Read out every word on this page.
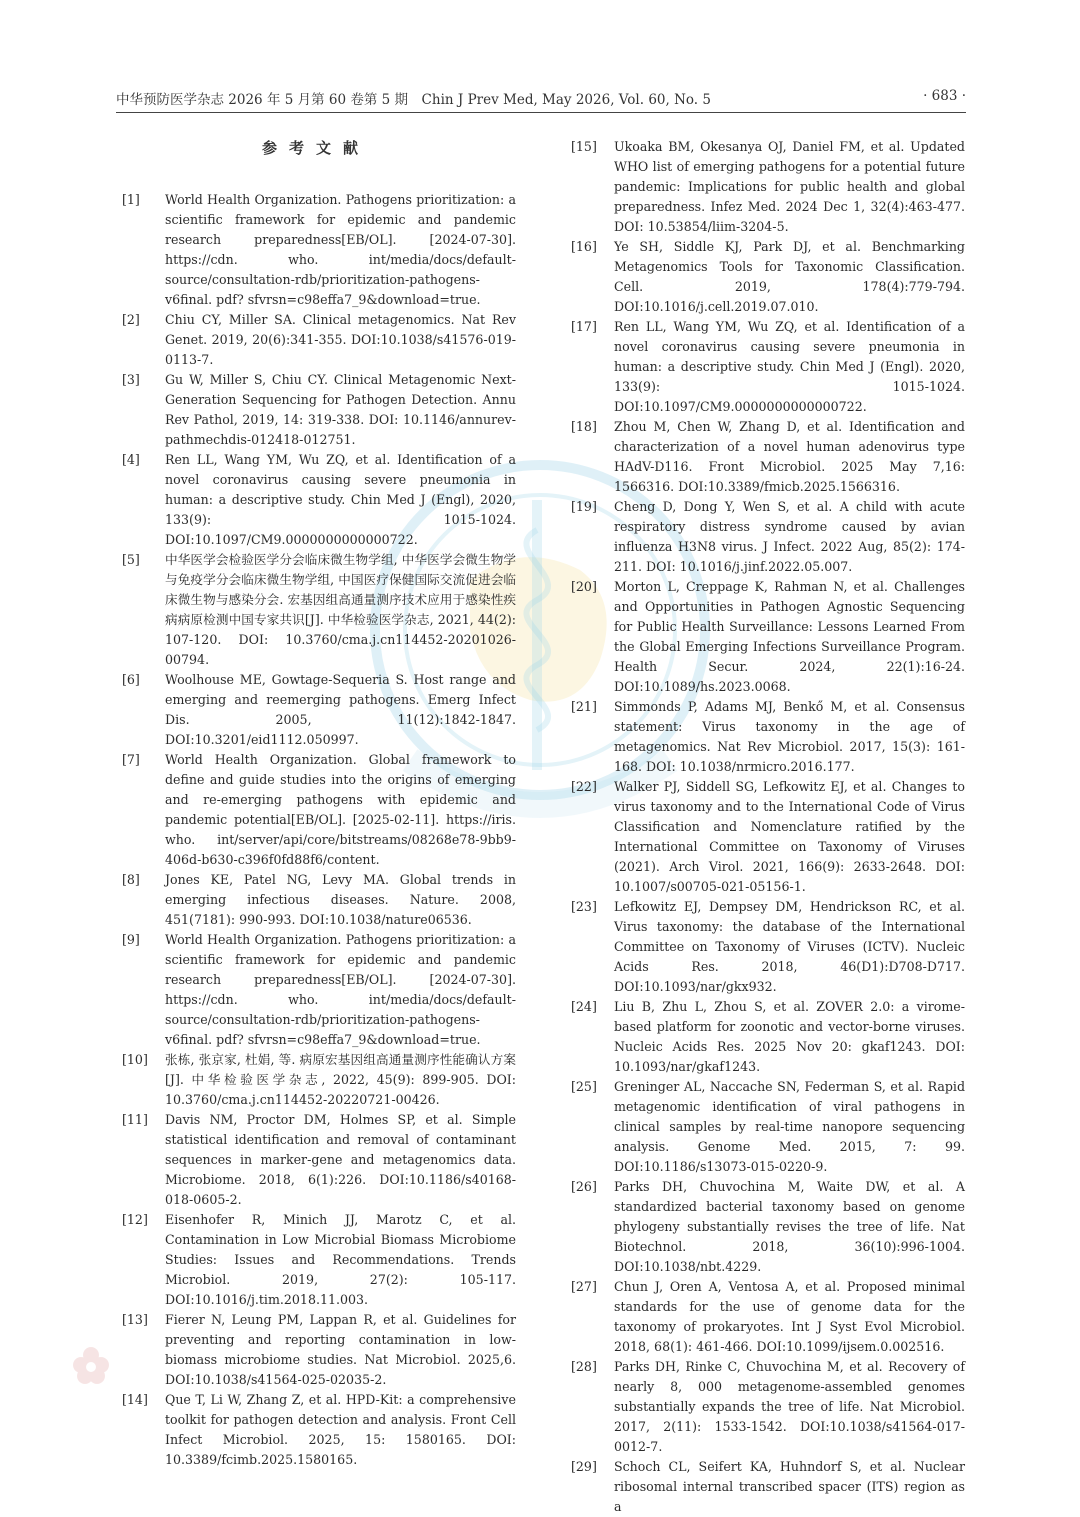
中华预防医学杂志 2026 年 5 月第 60 卷第 5 期　Chin J Prev Med, May 2026, Vol. 60, No. 5	· 683 ·
参考文献
[1] World Health Organization. Pathogens prioritization: a scientific framework for epidemic and pandemic research preparedness[EB/OL]. [2024-07-30]. https://cdn. who. int/media/docs/default-source/consultation-rdb/prioritization-pathogens-v6final. pdf? sfvrsn=c98effa7_9&download=true.
[2] Chiu CY, Miller SA. Clinical metagenomics. Nat Rev Genet. 2019, 20(6):341-355. DOI:10.1038/s41576-019-0113-7.
[3] Gu W, Miller S, Chiu CY. Clinical Metagenomic Next-Generation Sequencing for Pathogen Detection. Annu Rev Pathol, 2019, 14: 319-338. DOI: 10.1146/annurev-pathmechdis-012418-012751.
[4] Ren LL, Wang YM, Wu ZQ, et al. Identification of a novel coronavirus causing severe pneumonia in human: a descriptive study. Chin Med J (Engl), 2020, 133(9): 1015-1024. DOI:10.1097/CM9.0000000000000722.
[5] 中华医学会检验医学分会临床微生物学组, 中华医学会微生物学与免疫学分会临床微生物学组, 中国医疗保健国际交流促进会临床微生物与感染分会. 宏基因组高通量测序技术应用于感染性疾病病原检测中国专家共识[J]. 中华检验医学杂志, 2021, 44(2): 107-120. DOI: 10.3760/cma.j.cn114452-20201026-00794.
[6] Woolhouse ME, Gowtage-Sequeria S. Host range and emerging and reemerging pathogens. Emerg Infect Dis. 2005, 11(12):1842-1847. DOI:10.3201/eid1112.050997.
[7] World Health Organization. Global framework to define and guide studies into the origins of emerging and re-emerging pathogens with epidemic and pandemic potential[EB/OL]. [2025-02-11]. https://iris. who. int/server/api/core/bitstreams/08268e78-9bb9-406d-b630-c396f0fd88f6/content.
[8] Jones KE, Patel NG, Levy MA. Global trends in emerging infectious diseases. Nature. 2008, 451(7181): 990-993. DOI:10.1038/nature06536.
[9] World Health Organization. Pathogens prioritization: a scientific framework for epidemic and pandemic research preparedness[EB/OL]. [2024-07-30]. https://cdn. who. int/media/docs/default-source/consultation-rdb/prioritization-pathogens-v6final. pdf? sfvrsn=c98effa7_9&download=true.
[10] 张栋, 张京家, 杜娟, 等. 病原宏基因组高通量测序性能确认方案 [J]. 中华检验医学杂志, 2022, 45(9): 899-905. DOI: 10.3760/cma.j.cn114452-20220721-00426.
[11] Davis NM, Proctor DM, Holmes SP, et al. Simple statistical identification and removal of contaminant sequences in marker-gene and metagenomics data. Microbiome. 2018, 6(1):226. DOI:10.1186/s40168-018-0605-2.
[12] Eisenhofer R, Minich JJ, Marotz C, et al. Contamination in Low Microbial Biomass Microbiome Studies: Issues and Recommendations. Trends Microbiol. 2019, 27(2): 105-117. DOI:10.1016/j.tim.2018.11.003.
[13] Fierer N, Leung PM, Lappan R, et al. Guidelines for preventing and reporting contamination in low-biomass microbiome studies. Nat Microbiol. 2025,6. DOI:10.1038/s41564-025-02035-2.
[14] Que T, Li W, Zhang Z, et al. HPD-Kit: a comprehensive toolkit for pathogen detection and analysis. Front Cell Infect Microbiol. 2025, 15: 1580165. DOI: 10.3389/fcimb.2025.1580165.
[15] Ukoaka BM, Okesanya OJ, Daniel FM, et al. Updated WHO list of emerging pathogens for a potential future pandemic: Implications for public health and global preparedness. Infez Med. 2024 Dec 1, 32(4):463-477. DOI: 10.53854/liim-3204-5.
[16] Ye SH, Siddle KJ, Park DJ, et al. Benchmarking Metagenomics Tools for Taxonomic Classification. Cell. 2019, 178(4):779-794. DOI:10.1016/j.cell.2019.07.010.
[17] Ren LL, Wang YM, Wu ZQ, et al. Identification of a novel coronavirus causing severe pneumonia in human: a descriptive study. Chin Med J (Engl). 2020, 133(9): 1015-1024. DOI:10.1097/CM9.0000000000000722.
[18] Zhou M, Chen W, Zhang D, et al. Identification and characterization of a novel human adenovirus type HAdV-D116. Front Microbiol. 2025 May 7,16: 1566316. DOI:10.3389/fmicb.2025.1566316.
[19] Cheng D, Dong Y, Wen S, et al. A child with acute respiratory distress syndrome caused by avian influenza H3N8 virus. J Infect. 2022 Aug, 85(2): 174-211. DOI: 10.1016/j.jinf.2022.05.007.
[20] Morton L, Creppage K, Rahman N, et al. Challenges and Opportunities in Pathogen Agnostic Sequencing for Public Health Surveillance: Lessons Learned From the Global Emerging Infections Surveillance Program. Health Secur. 2024, 22(1):16-24. DOI:10.1089/hs.2023.0068.
[21] Simmonds P, Adams MJ, Benkő M, et al. Consensus statement: Virus taxonomy in the age of metagenomics. Nat Rev Microbiol. 2017, 15(3): 161-168. DOI: 10.1038/nrmicro.2016.177.
[22] Walker PJ, Siddell SG, Lefkowitz EJ, et al. Changes to virus taxonomy and to the International Code of Virus Classification and Nomenclature ratified by the International Committee on Taxonomy of Viruses (2021). Arch Virol. 2021, 166(9): 2633-2648. DOI: 10.1007/s00705-021-05156-1.
[23] Lefkowitz EJ, Dempsey DM, Hendrickson RC, et al. Virus taxonomy: the database of the International Committee on Taxonomy of Viruses (ICTV). Nucleic Acids Res. 2018, 46(D1):D708-D717. DOI:10.1093/nar/gkx932.
[24] Liu B, Zhu L, Zhou S, et al. ZOVER 2.0: a virome-based platform for zoonotic and vector-borne viruses. Nucleic Acids Res. 2025 Nov 20: gkaf1243. DOI: 10.1093/nar/gkaf1243.
[25] Greninger AL, Naccache SN, Federman S, et al. Rapid metagenomic identification of viral pathogens in clinical samples by real-time nanopore sequencing analysis. Genome Med. 2015, 7: 99. DOI:10.1186/s13073-015-0220-9.
[26] Parks DH, Chuvochina M, Waite DW, et al. A standardized bacterial taxonomy based on genome phylogeny substantially revises the tree of life. Nat Biotechnol. 2018, 36(10):996-1004. DOI:10.1038/nbt.4229.
[27] Chun J, Oren A, Ventosa A, et al. Proposed minimal standards for the use of genome data for the taxonomy of prokaryotes. Int J Syst Evol Microbiol. 2018, 68(1): 461-466. DOI:10.1099/ijsem.0.002516.
[28] Parks DH, Rinke C, Chuvochina M, et al. Recovery of nearly 8, 000 metagenome-assembled genomes substantially expands the tree of life. Nat Microbiol. 2017, 2(11): 1533-1542. DOI:10.1038/s41564-017-0012-7.
[29] Schoch CL, Seifert KA, Huhndorf S, et al. Nuclear ribosomal internal transcribed spacer (ITS) region as a
